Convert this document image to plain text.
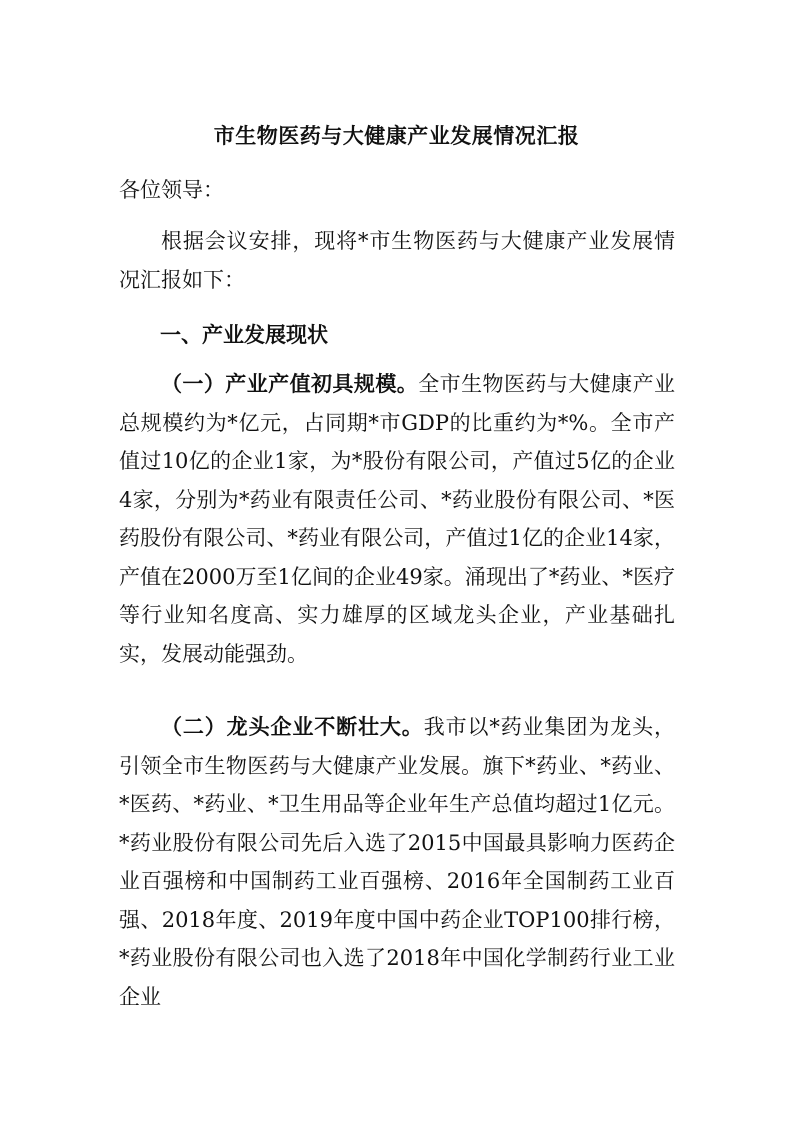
市生物医药与大健康产业发展情况汇报
各位领导：

根据会议安排，现将*市生物医药与大健康产业发展情况汇报如下：

一、产业发展现状

（一）产业产值初具规模。全市生物医药与大健康产业总规模约为*亿元，占同期*市GDP的比重约为*%。全市产值过10亿的企业1家，为*股份有限公司，产值过5亿的企业4家，分别为*药业有限责任公司、*药业股份有限公司、*医药股份有限公司、*药业有限公司，产值过1亿的企业14家，产值在2000万至1亿间的企业49家。涌现出了*药业、*医疗等行业知名度高、实力雄厚的区域龙头企业，产业基础扎实，发展动能强劲。

（二）龙头企业不断壮大。我市以*药业集团为龙头，引领全市生物医药与大健康产业发展。旗下*药业、*药业、*医药、*药业、*卫生用品等企业年生产总值均超过1亿元。*药业股份有限公司先后入选了2015中国最具影响力医药企业百强榜和中国制药工业百强榜、2016年全国制药工业百强、2018年度、2019年度中国中药企业TOP100排行榜，*药业股份有限公司也入选了2018年中国化学制药行业工业企业
